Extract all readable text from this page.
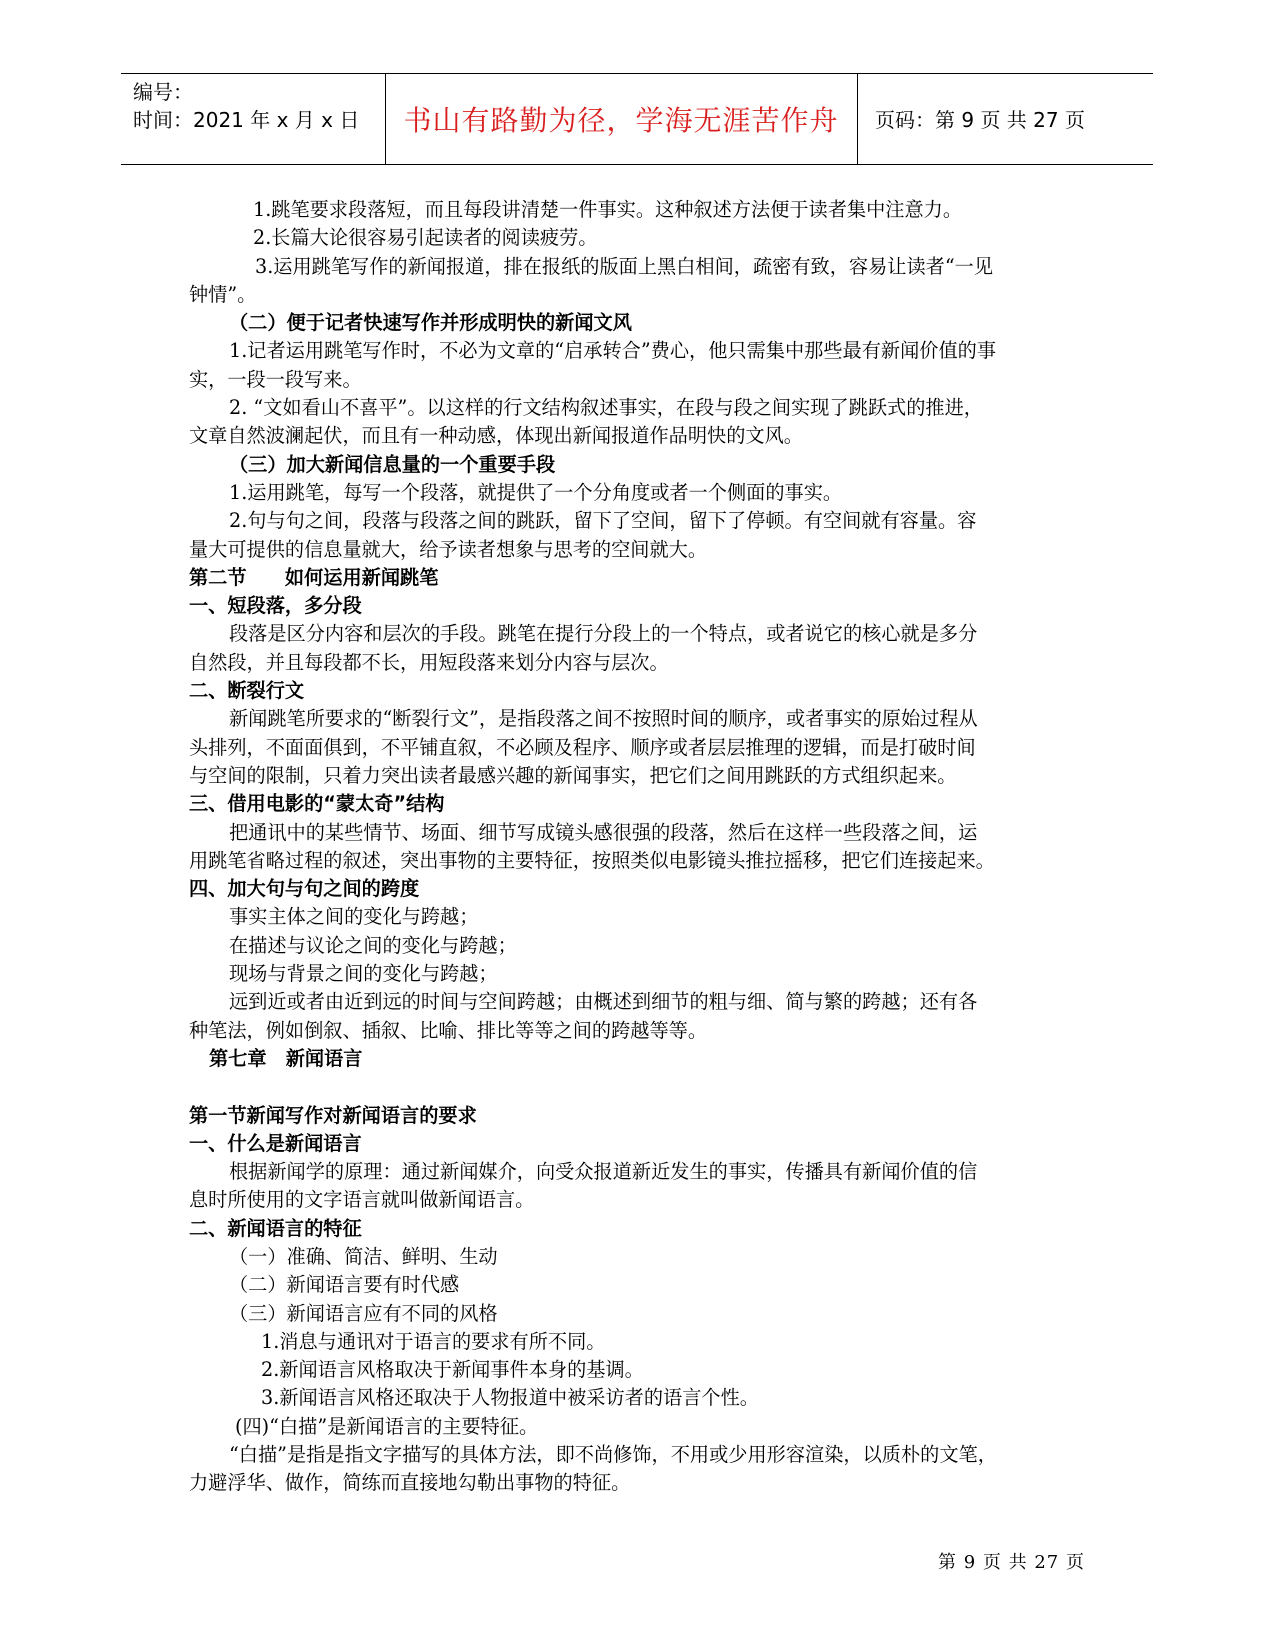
编号：
时间：2021 年 x 月 x 日	书山有路勤为径，学海无涯苦作舟	页码：第 9 页 共 27 页
1.跳笔要求段落短，而且每段讲清楚一件事实。这种叙述方法便于读者集中注意力。
2.长篇大论很容易引起读者的阅读疲劳。
3.运用跳笔写作的新闻报道，排在报纸的版面上黑白相间，疏密有致，容易让读者“一见
钟情”。
（二）便于记者快速写作并形成明快的新闻文风
1.记者运用跳笔写作时，不必为文章的“启承转合”费心，他只需集中那些最有新闻价值的事
实，一段一段写来。
2. “文如看山不喜平”。以这样的行文结构叙述事实，在段与段之间实现了跳跃式的推进，
文章自然波澜起伏，而且有一种动感，体现出新闻报道作品明快的文风。
（三）加大新闻信息量的一个重要手段
1.运用跳笔，每写一个段落，就提供了一个分角度或者一个侧面的事实。
2.句与句之间，段落与段落之间的跳跃，留下了空间，留下了停顿。有空间就有容量。容
量大可提供的信息量就大，给予读者想象与思考的空间就大。
第二节　　如何运用新闻跳笔
一、短段落，多分段
段落是区分内容和层次的手段。跳笔在提行分段上的一个特点，或者说它的核心就是多分
自然段，并且每段都不长，用短段落来划分内容与层次。
二、断裂行文
新闻跳笔所要求的“断裂行文”，是指段落之间不按照时间的顺序，或者事实的原始过程从
头排列，不面面俱到，不平铺直叙，不必顾及程序、顺序或者层层推理的逻辑，而是打破时间
与空间的限制，只着力突出读者最感兴趣的新闻事实，把它们之间用跳跃的方式组织起来。
三、借用电影的“蒙太奇”结构
把通讯中的某些情节、场面、细节写成镜头感很强的段落，然后在这样一些段落之间，运
用跳笔省略过程的叙述，突出事物的主要特征，按照类似电影镜头推拉摇移，把它们连接起来。
四、加大句与句之间的跨度
事实主体之间的变化与跨越；
在描述与议论之间的变化与跨越；
现场与背景之间的变化与跨越；
远到近或者由近到远的时间与空间跨越；由概述到细节的粗与细、简与繁的跨越；还有各
种笔法，例如倒叙、插叙、比喻、排比等等之间的跨越等等。
第七章　新闻语言
第一节新闻写作对新闻语言的要求
一、什么是新闻语言
根据新闻学的原理：通过新闻媒介，向受众报道新近发生的事实，传播具有新闻价值的信
息时所使用的文字语言就叫做新闻语言。
二、新闻语言的特征
（一）准确、简洁、鲜明、生动
（二）新闻语言要有时代感
（三）新闻语言应有不同的风格
1.消息与通讯对于语言的要求有所不同。
2.新闻语言风格取决于新闻事件本身的基调。
3.新闻语言风格还取决于人物报道中被采访者的语言个性。
(四)“白描”是新闻语言的主要特征。
“白描”是指是指文字描写的具体方法，即不尚修饰，不用或少用形容渲染，以质朴的文笔，
力避浮华、做作，简练而直接地勾勒出事物的特征。
第 9 页 共 27 页
